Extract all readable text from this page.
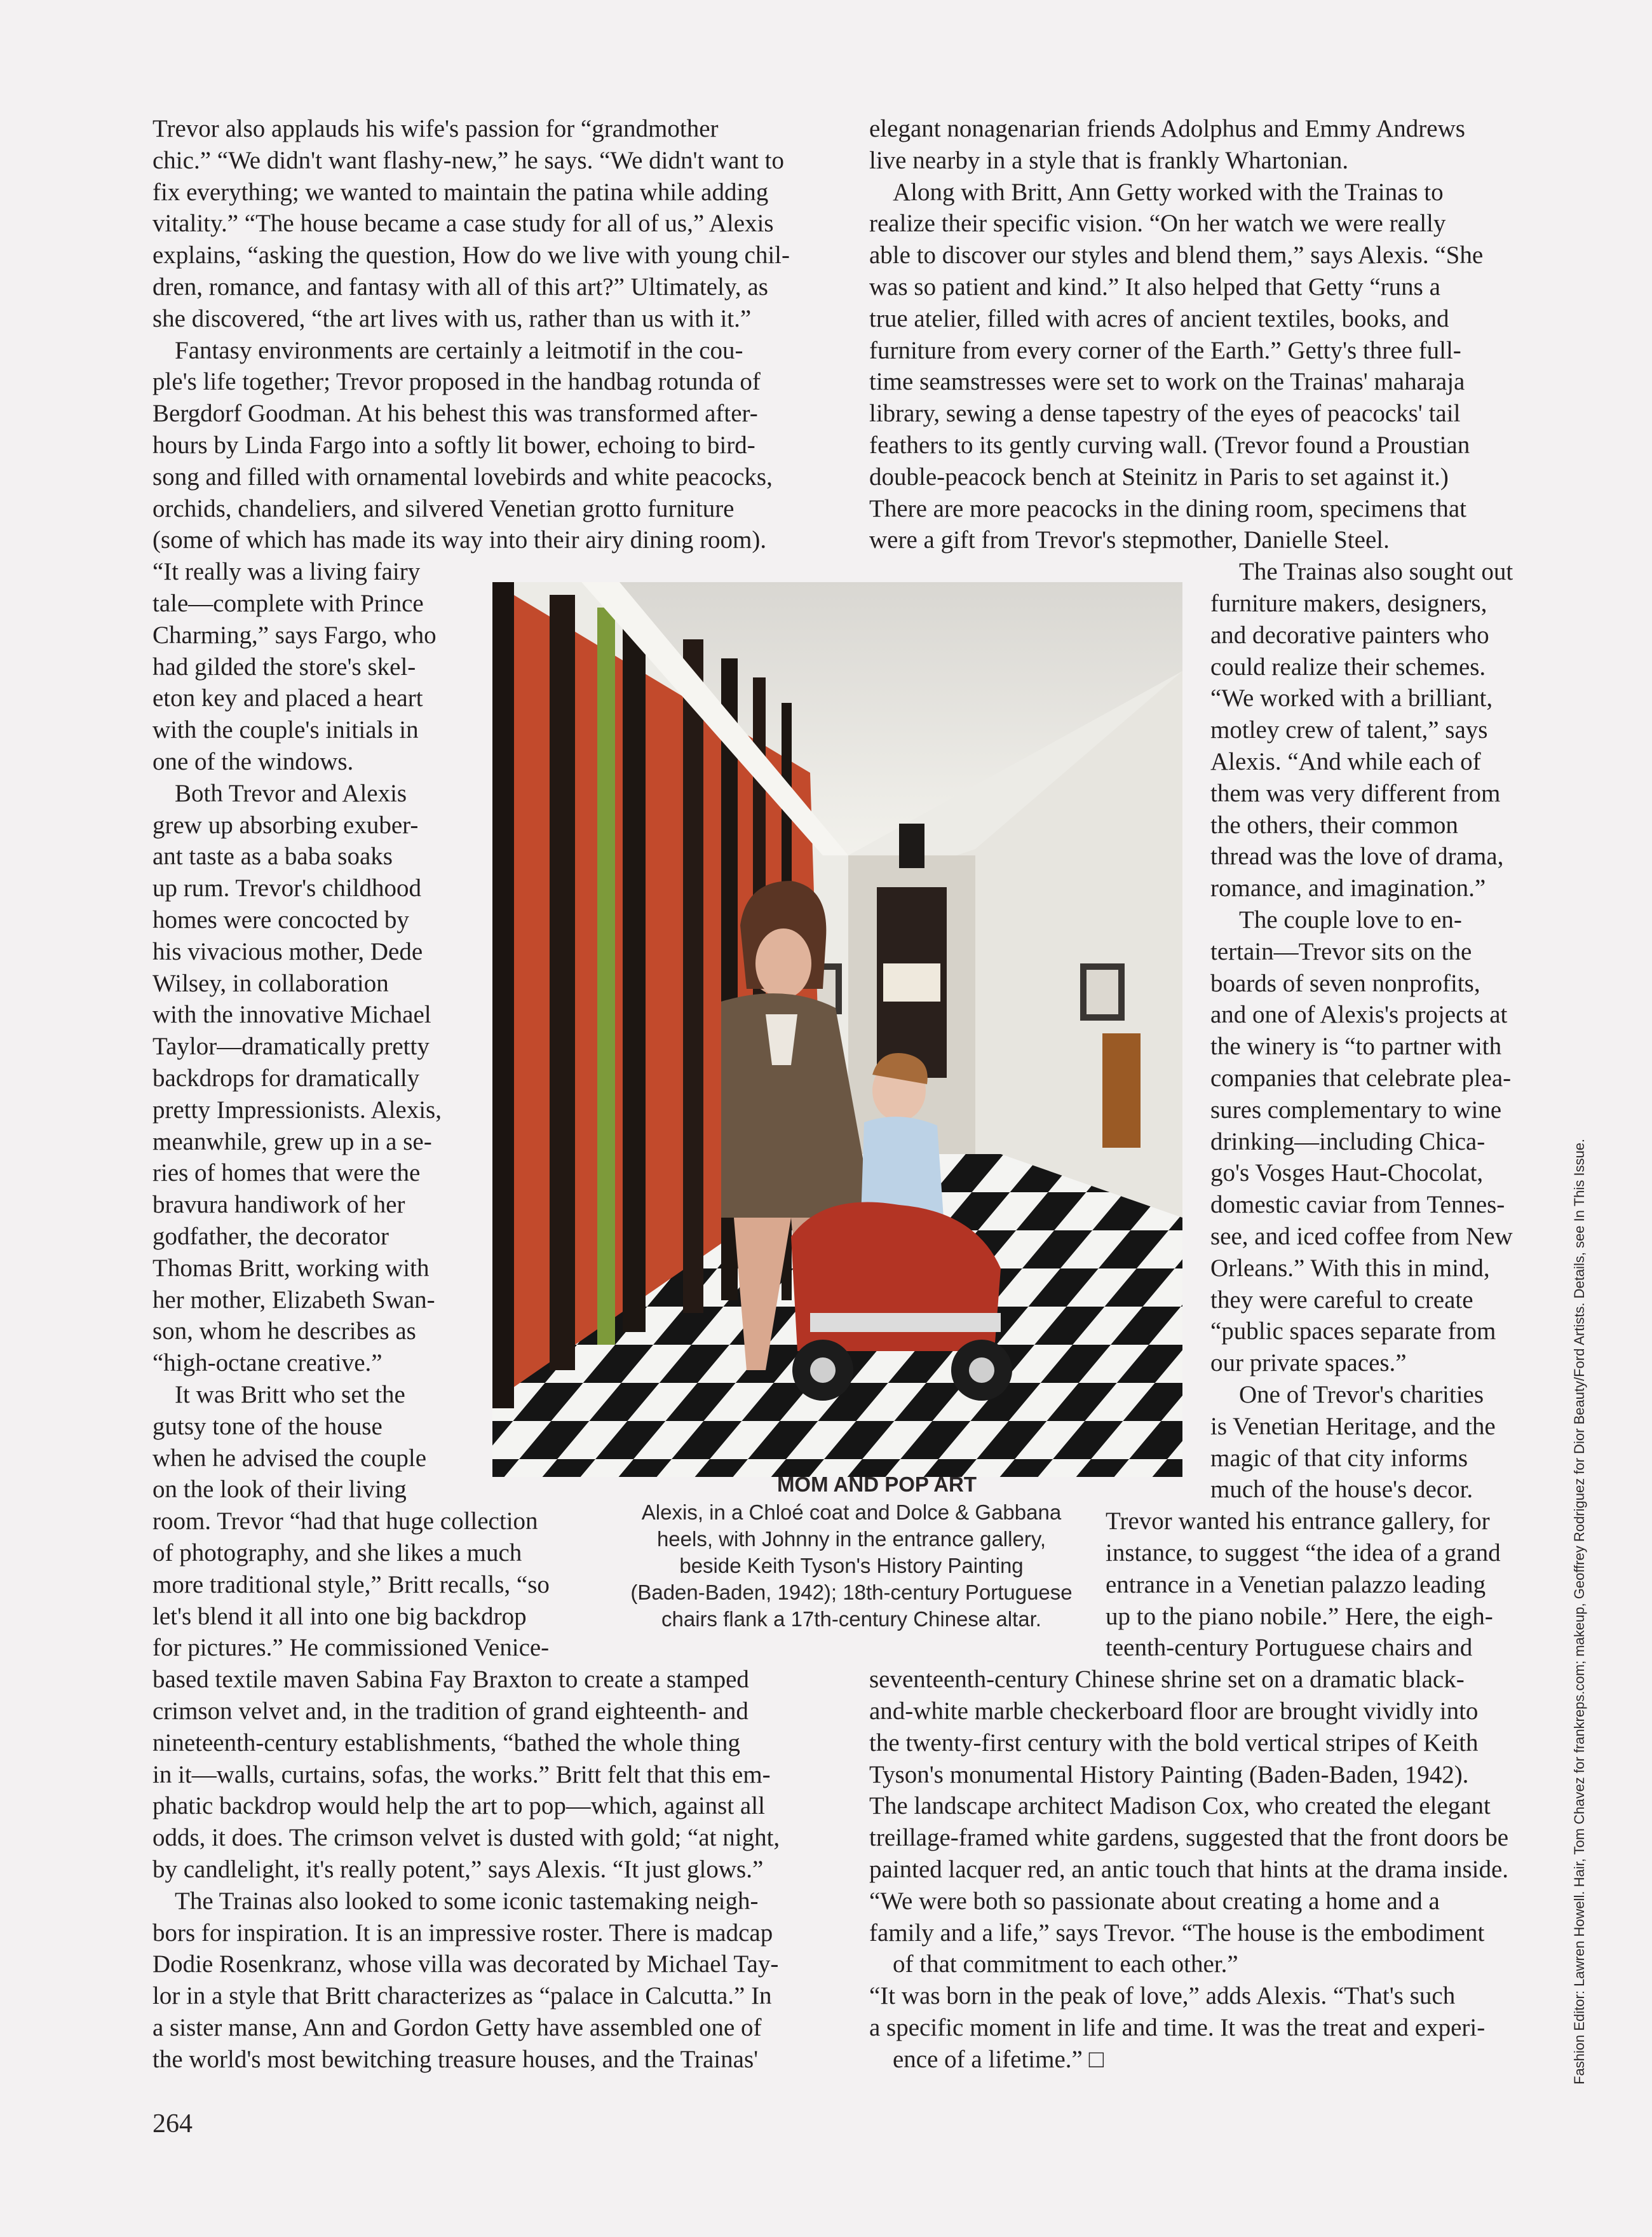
MOM AND POP ART
Alexis, in a Chloé coat and Dolce & Gabbana
heels, with Johnny in the entrance gallery,
beside Keith Tyson's History Painting
(Baden-Baden, 1942); 18th-century Portuguese
chairs flank a 17th-century Chinese altar.
Trevor also applauds his wife's passion for “grandmother
chic.” “We didn't want flashy-new,” he says. “We didn't want to
fix everything; we wanted to maintain the patina while adding
vitality.” “The house became a case study for all of us,” Alexis
explains, “asking the question, How do we live with young chil-
dren, romance, and fantasy with all of this art?” Ultimately, as
she discovered, “the art lives with us, rather than us with it.”
Fantasy environments are certainly a leitmotif in the cou-
ple's life together; Trevor proposed in the handbag rotunda of
Bergdorf Goodman. At his behest this was transformed after-
hours by Linda Fargo into a softly lit bower, echoing to bird-
song and filled with ornamental lovebirds and white peacocks,
orchids, chandeliers, and silvered Venetian grotto furniture
(some of which has made its way into their airy dining room).
“It really was a living fairy
tale—complete with Prince
Charming,” says Fargo, who
had gilded the store's skel-
eton key and placed a heart
with the couple's initials in
one of the windows.
Both Trevor and Alexis
grew up absorbing exuber-
ant taste as a baba soaks
up rum. Trevor's childhood
homes were concocted by
his vivacious mother, Dede
Wilsey, in collaboration
with the innovative Michael
Taylor—dramatically pretty
backdrops for dramatically
pretty Impressionists. Alexis,
meanwhile, grew up in a se-
ries of homes that were the
bravura handiwork of her
godfather, the decorator
Thomas Britt, working with
her mother, Elizabeth Swan-
son, whom he describes as
“high-octane creative.”
It was Britt who set the
gutsy tone of the house
when he advised the couple
on the look of their living
room. Trevor “had that huge collection
of photography, and she likes a much
more traditional style,” Britt recalls, “so
let's blend it all into one big backdrop
for pictures.” He commissioned Venice-
based textile maven Sabina Fay Braxton to create a stamped
crimson velvet and, in the tradition of grand eighteenth- and
nineteenth-century establishments, “bathed the whole thing
in it—walls, curtains, sofas, the works.” Britt felt that this em-
phatic backdrop would help the art to pop—which, against all
odds, it does. The crimson velvet is dusted with gold; “at night,
by candlelight, it's really potent,” says Alexis. “It just glows.”
The Trainas also looked to some iconic tastemaking neigh-
bors for inspiration. It is an impressive roster. There is madcap
Dodie Rosenkranz, whose villa was decorated by Michael Tay-
lor in a style that Britt characterizes as “palace in Calcutta.” In
a sister manse, Ann and Gordon Getty have assembled one of
the world's most bewitching treasure houses, and the Trainas'
elegant nonagenarian friends Adolphus and Emmy Andrews
live nearby in a style that is frankly Whartonian.
Along with Britt, Ann Getty worked with the Trainas to
realize their specific vision. “On her watch we were really
able to discover our styles and blend them,” says Alexis. “She
was so patient and kind.” It also helped that Getty “runs a
true atelier, filled with acres of ancient textiles, books, and
furniture from every corner of the Earth.” Getty's three full-
time seamstresses were set to work on the Trainas' maharaja
library, sewing a dense tapestry of the eyes of peacocks' tail
feathers to its gently curving wall. (Trevor found a Proustian
double-peacock bench at Steinitz in Paris to set against it.)
There are more peacocks in the dining room, specimens that
were a gift from Trevor's stepmother, Danielle Steel.
The Trainas also sought out
furniture makers, designers,
and decorative painters who
could realize their schemes.
“We worked with a brilliant,
motley crew of talent,” says
Alexis. “And while each of
them was very different from
the others, their common
thread was the love of drama,
romance, and imagination.”
The couple love to en-
tertain—Trevor sits on the
boards of seven nonprofits,
and one of Alexis's projects at
the winery is “to partner with
companies that celebrate plea-
sures complementary to wine
drinking—including Chica-
go's Vosges Haut-Chocolat,
domestic caviar from Tennes-
see, and iced coffee from New
Orleans.” With this in mind,
they were careful to create
“public spaces separate from
our private spaces.”
One of Trevor's charities
is Venetian Heritage, and the
magic of that city informs
much of the house's decor.
Trevor wanted his entrance gallery, for
instance, to suggest “the idea of a grand
entrance in a Venetian palazzo leading
up to the piano nobile.” Here, the eigh-
teenth-century Portuguese chairs and
seventeenth-century Chinese shrine set on a dramatic black-
and-white marble checkerboard floor are brought vividly into
the twenty-first century with the bold vertical stripes of Keith
Tyson's monumental History Painting (Baden-Baden, 1942).
The landscape architect Madison Cox, who created the elegant
treillage-framed white gardens, suggested that the front doors be
painted lacquer red, an antic touch that hints at the drama inside.
“We were both so passionate about creating a home and a
family and a life,” says Trevor. “The house is the embodiment
of that commitment to each other.”
“It was born in the peak of love,” adds Alexis. “That's such
a specific moment in life and time. It was the treat and experi-
ence of a lifetime.” □
264
Fashion Editor: Lawren Howell. Hair, Tom Chavez for frankreps.com; makeup, Geoffrey Rodriguez for Dior Beauty/Ford Artists. Details, see In This Issue.
